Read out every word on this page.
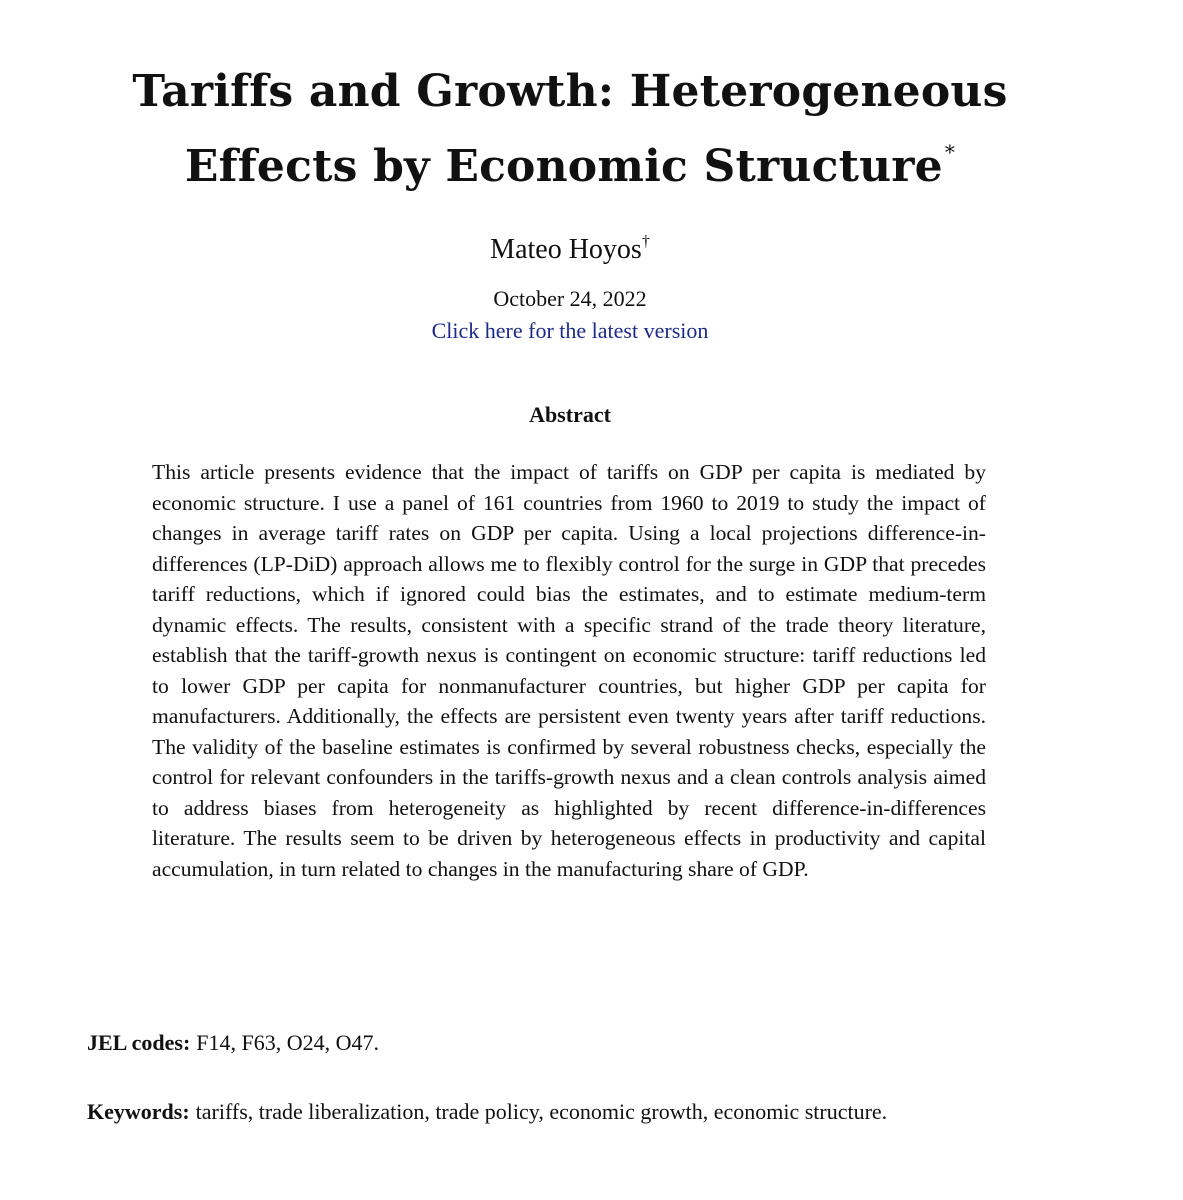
Tariffs and Growth: Heterogeneous
Effects by Economic Structure *
Mateo Hoyos†
October 24, 2022
Click here for the latest version
Abstract

This article presents evidence that the impact of tariffs on GDP per capita is mediated by economic structure. I use a panel of 161 countries from 1960 to 2019 to study the impact of changes in average tariff rates on GDP per capita. Using a local projections difference-in-differences (LP-DiD) approach allows me to flexibly control for the surge in GDP that precedes tariff reductions, which if ignored could bias the estimates, and to estimate medium-term dynamic effects. The results, consistent with a specific strand of the trade theory literature, establish that the tariff-growth nexus is contingent on economic structure: tariff reductions led to lower GDP per capita for nonmanufacturer countries, but higher GDP per capita for manufacturers. Additionally, the effects are persistent even twenty years after tariff reductions. The validity of the baseline estimates is confirmed by several robustness checks, especially the control for relevant confounders in the tariffs-growth nexus and a clean controls analysis aimed to address biases from heterogeneity as highlighted by recent difference-in-differences literature. The results seem to be driven by heterogeneous effects in productivity and capital accumulation, in turn related to changes in the manufacturing share of GDP.

JEL codes: F14, F63, O24, O47.

Keywords: tariffs, trade liberalization, trade policy, economic growth, economic structure.
